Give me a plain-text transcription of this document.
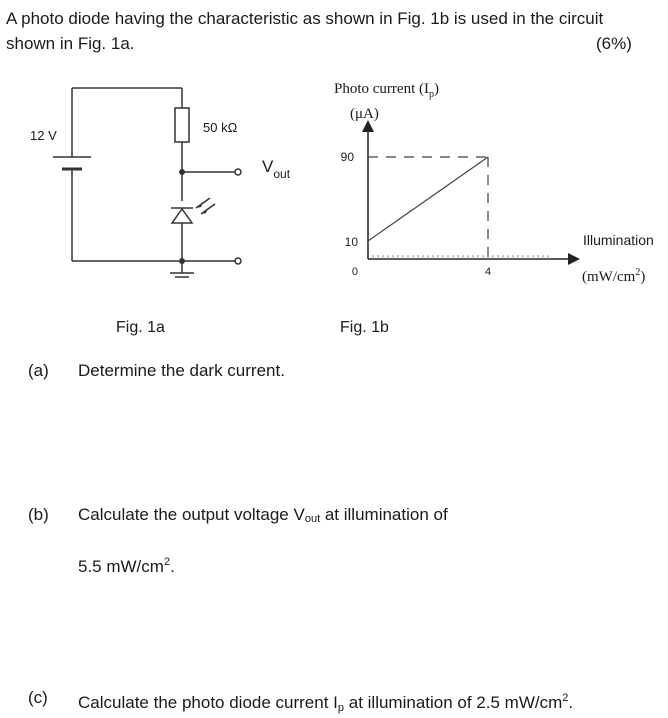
A photo diode having the characteristic as shown in Fig. 1b is used in the circuit
shown in Fig. 1a.	(6%)
12 V
50 kΩ
$V_{out}$
Fig. 1a
Photo current $(I_p)$
(μA)
90
10
0	4
Illumination
$(mW/cm^2)$
Fig. 1b
(a) Determine the dark current.
(b) Calculate the output voltage Vout at illumination of
5.5 $mW/cm^2$.
(c) Calculate the photo diode current Ip at illumination of 2.5 $mW/cm^2$.
